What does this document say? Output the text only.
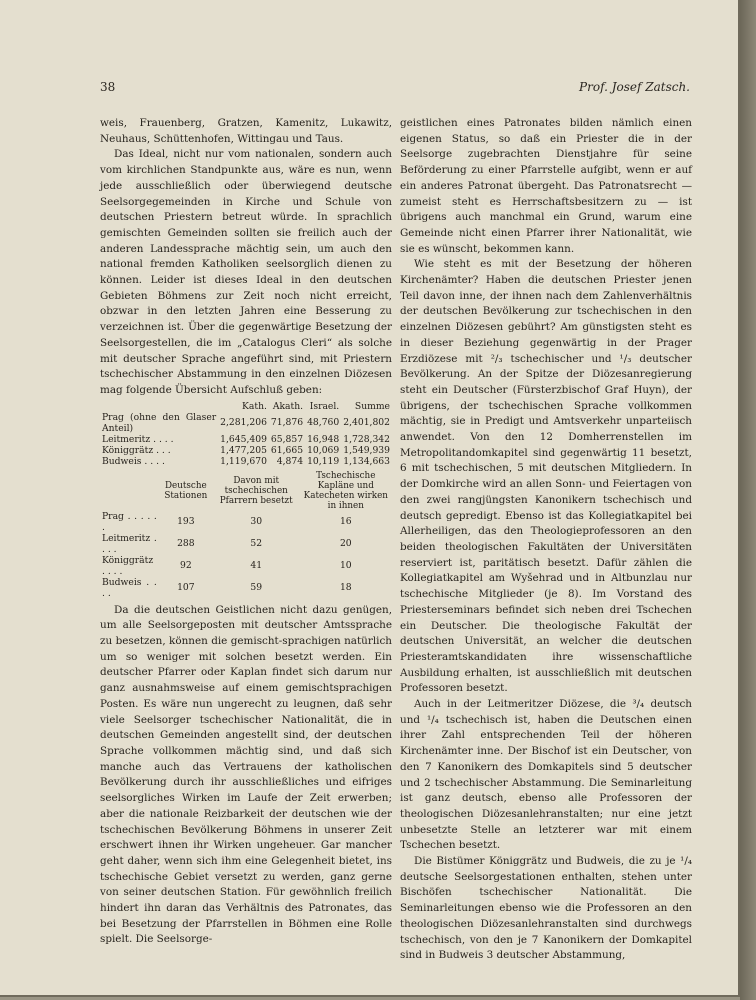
38	Prof. Josef Zatsch.

weis, Frauenberg, Gratzen, Kamenitz, Lukawitz, Neuhaus, Schüttenhofen, Wittingau und Taus.

Das Ideal, nicht nur vom nationalen, sondern auch vom kirchlichen Standpunkte aus, wäre es nun, wenn jede ausschließlich oder überwiegend deutsche Seelsorgegemeinden in Kirche und Schule von deutschen Priestern betreut würde. In sprachlich gemischten Gemeinden sollten sie freilich auch der anderen Landessprache mächtig sein, um auch den national fremden Katholiken seelsorglich dienen zu können. Leider ist dieses Ideal in den deutschen Gebieten Böhmens zur Zeit noch nicht erreicht, obzwar in den letzten Jahren eine Besserung zu verzeichnen ist. Über die gegenwärtige Besetzung der Seelsorgestellen, die im „Catalogus Cleri“ als solche mit deutscher Sprache angeführt sind, mit Priestern tschechischer Abstammung in den einzelnen Diözesen mag folgende Übersicht Aufschluß geben:

	Kath.	Akath.	Israel.	Summe
Prag (ohne den Glaser Anteil)	2,281,206	71,876	48,760	2,401,802
Leitmeritz . . . .	1,645,409	65,857	16,948	1,728,342
Königgrätz . . .	1,477,205	61,665	10,069	1,549,939
Budweis . . . .	1,119,670	4,874	10,119	1,134,663
	Deutsche Stationen	Davon mit tschechischen Pfarrern besetzt	Tschechische Kapläne und Katecheten wirken in ihnen
Prag . . . . . .	193	30	16
Leitmeritz . . . .	288	52	20
Königgrätz . . . .	92	41	10
Budweis . . . .	107	59	18

Da die deutschen Geistlichen nicht dazu genügen, um alle Seelsorgeposten mit deutscher Amtssprache zu besetzen, können die gemischt-sprachigen natürlich um so weniger mit solchen besetzt werden. Ein deutscher Pfarrer oder Kaplan findet sich darum nur ganz ausnahmsweise auf einem gemischtsprachigen Posten. Es wäre nun ungerecht zu leugnen, daß sehr viele Seelsorger tschechischer Nationalität, die in deutschen Gemeinden angestellt sind, der deutschen Sprache vollkommen mächtig sind, und daß sich manche auch das Vertrauens der katholischen Bevölkerung durch ihr ausschließliches und eifriges seelsorgliches Wirken im Laufe der Zeit erwerben; aber die nationale Reizbarkeit der deutschen wie der tschechischen Bevölkerung Böhmens in unserer Zeit erschwert ihnen ihr Wirken ungeheuer. Gar mancher geht daher, wenn sich ihm eine Gelegenheit bietet, ins tschechische Gebiet versetzt zu werden, ganz gerne von seiner deutschen Station. Für gewöhnlich freilich hindert ihn daran das Verhältnis des Patronates, das bei Besetzung der Pfarrstellen in Böhmen eine Rolle spielt. Die Seelsorge-

geistlichen eines Patronates bilden nämlich einen eigenen Status, so daß ein Priester die in der Seelsorge zugebrachten Dienstjahre für seine Beförderung zu einer Pfarrstelle aufgibt, wenn er auf ein anderes Patronat übergeht. Das Patronatsrecht — zumeist steht es Herrschaftsbesitzern zu — ist übrigens auch manchmal ein Grund, warum eine Gemeinde nicht einen Pfarrer ihrer Nationalität, wie sie es wünscht, bekommen kann.

Wie steht es mit der Besetzung der höheren Kirchenämter? Haben die deutschen Priester jenen Teil davon inne, der ihnen nach dem Zahlenverhältnis der deutschen Bevölkerung zur tschechischen in den einzelnen Diözesen gebührt? Am günstigsten steht es in dieser Beziehung gegenwärtig in der Prager Erzdiözese mit ²/₃ tschechischer und ¹/₃ deutscher Bevölkerung. An der Spitze der Diözesanregierung steht ein Deutscher (Fürsterzbischof Graf Huyn), der übrigens, der tschechischen Sprache vollkommen mächtig, sie in Predigt und Amtsverkehr unparteiisch anwendet. Von den 12 Domherrenstellen im Metropolitandomkapitel sind gegenwärtig 11 besetzt, 6 mit tschechischen, 5 mit deutschen Mitgliedern. In der Domkirche wird an allen Sonn- und Feiertagen von den zwei rangjüngsten Kanonikern tschechisch und deutsch gepredigt. Ebenso ist das Kollegiatkapitel bei Allerheiligen, das den Theologieprofessoren an den beiden theologischen Fakultäten der Universitäten reserviert ist, paritätisch besetzt. Dafür zählen die Kollegiatkapitel am Wyšehrad und in Altbunzlau nur tschechische Mitglieder (je 8). Im Vorstand des Priesterseminars befindet sich neben drei Tschechen ein Deutscher. Die theologische Fakultät der deutschen Universität, an welcher die deutschen Priesteramtskandidaten ihre wissenschaftliche Ausbildung erhalten, ist ausschließlich mit deutschen Professoren besetzt.

Auch in der Leitmeritzer Diözese, die ³/₄ deutsch und ¹/₄ tschechisch ist, haben die Deutschen einen ihrer Zahl entsprechenden Teil der höheren Kirchenämter inne. Der Bischof ist ein Deutscher, von den 7 Kanonikern des Domkapitels sind 5 deutscher und 2 tschechischer Abstammung. Die Seminarleitung ist ganz deutsch, ebenso alle Professoren der theologischen Diözesanlehranstalten; nur eine jetzt unbesetzte Stelle an letzterer war mit einem Tschechen besetzt.

Die Bistümer Königgrätz und Budweis, die zu je ¹/₄ deutsche Seelsorgestationen enthalten, stehen unter Bischöfen tschechischer Nationalität. Die Seminarleitungen ebenso wie die Professoren an den theologischen Diözesanlehranstalten sind durchwegs tschechisch, von den je 7 Kanonikern der Domkapitel sind in Budweis 3 deutscher Abstammung,
